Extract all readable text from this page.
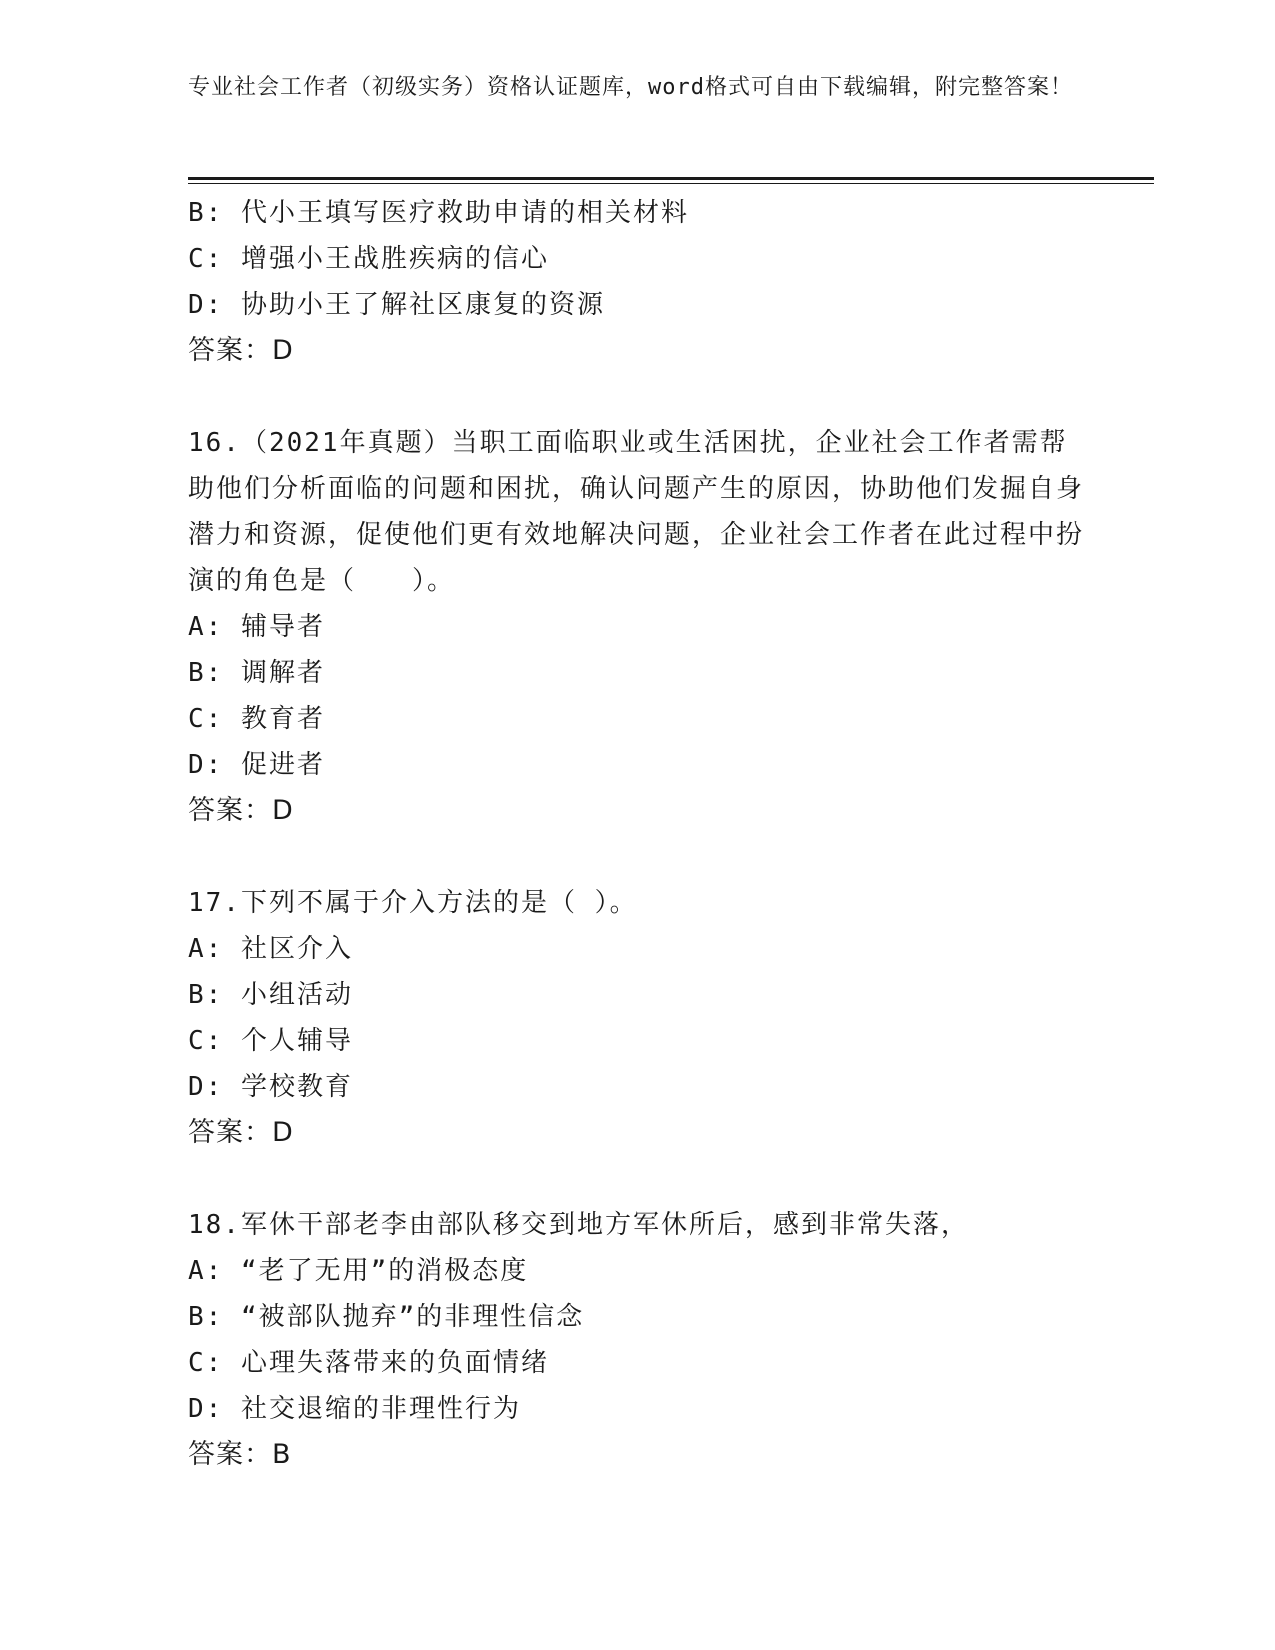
专业社会工作者（初级实务）资格认证题库，word格式可自由下载编辑，附完整答案！
B: 代小王填写医疗救助申请的相关材料
C: 增强小王战胜疾病的信心
D: 协助小王了解社区康复的资源
答案：D
16.（2021年真题）当职工面临职业或生活困扰，企业社会工作者需帮助他们分析面临的问题和困扰，确认问题产生的原因，协助他们发掘自身潜力和资源，促使他们更有效地解决问题，企业社会工作者在此过程中扮演的角色是（　　）。
A: 辅导者
B: 调解者
C: 教育者
D: 促进者
答案：D
17.下列不属于介入方法的是（ ）。
A: 社区介入
B: 小组活动
C: 个人辅导
D: 学校教育
答案：D
18.军休干部老李由部队移交到地方军休所后，感到非常失落，
A: “老了无用”的消极态度
B: “被部队抛弃”的非理性信念
C: 心理失落带来的负面情绪
D: 社交退缩的非理性行为
答案：B
